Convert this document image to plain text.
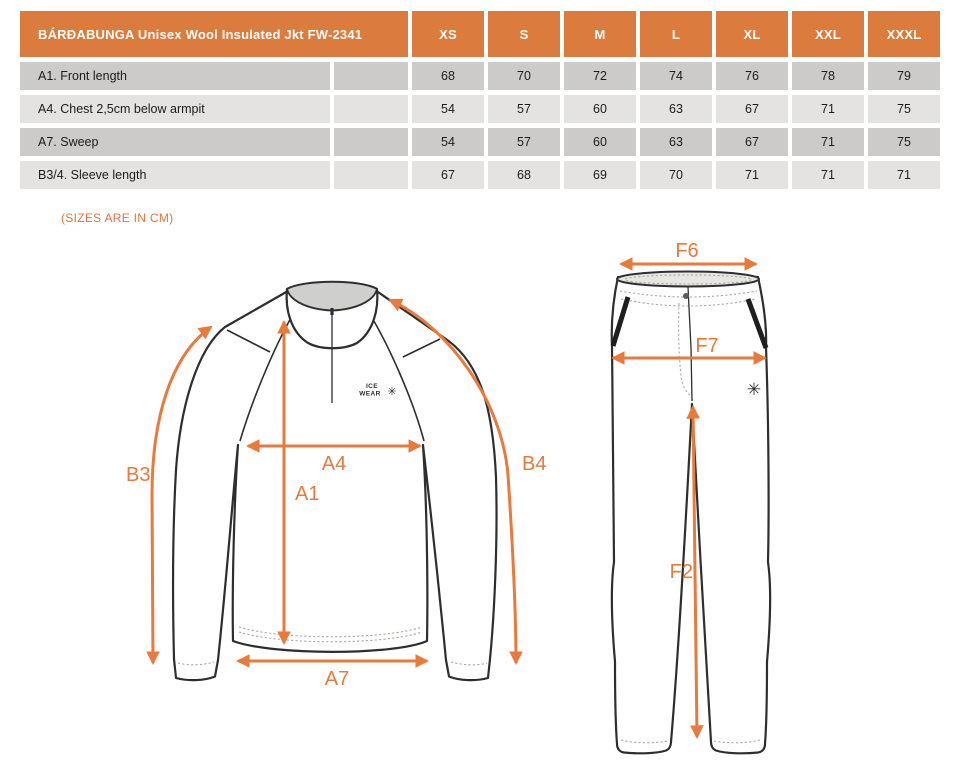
BÁRÐABUNGA Unisex Wool Insulated Jkt FW-2341	XS	S	M	L	XL	XXL	XXXL
A1. Front length	68	70	72	74	76	78	79
A4. Chest 2,5cm below armpit	54	57	60	63	67	71	75
A7. Sweep	54	57	60	63	67	71	75
B3/4. Sleeve length	67	68	69	70	71	71	71
(SIZES ARE IN CM)
ICE
WEAR ✳
A4
A1
A7
B3	B4
✳
F6
F7
F2
